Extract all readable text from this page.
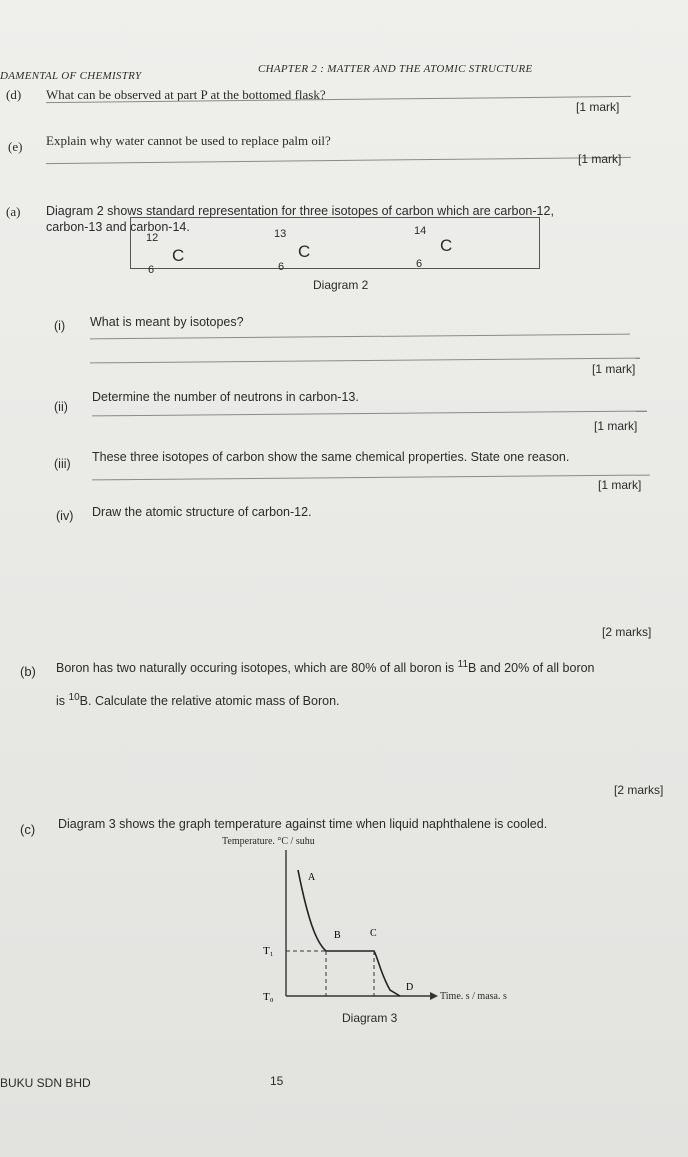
DAMENTAL OF CHEMISTRY
CHAPTER 2 : MATTER AND THE ATOMIC STRUCTURE
(d) What can be observed at part P at the bottomed flask?
[1 mark]
(e) Explain why water cannot be used to replace palm oil?
[1 mark]
(a) Diagram 2 shows standard representation for three isotopes of carbon which are carbon-12,
carbon-13 and carbon-14.
12
C
6
13
C
6
14
C
6
Diagram 2
(i) What is meant by isotopes?
[1 mark]
(ii)
Determine the number of neutrons in carbon-13.
[1 mark]
(iii) These three isotopes of carbon show the same chemical properties. State one reason.
[1 mark]
(iv) Draw the atomic structure of carbon-12.
[2 marks]
(b) Boron has two naturally occuring isotopes, which are 80% of all boron is $^{11}$B and 20% of all boron
is $^{10}$B. Calculate the relative atomic mass of Boron.
[2 marks]
(c) Diagram 3 shows the graph temperature against time when liquid naphthalene is cooled.
Temperature. °C / suhu
A
B	C
D
T₁
T₀	Time. s / masa. s
Diagram 3
BUKU SDN BHD	15
